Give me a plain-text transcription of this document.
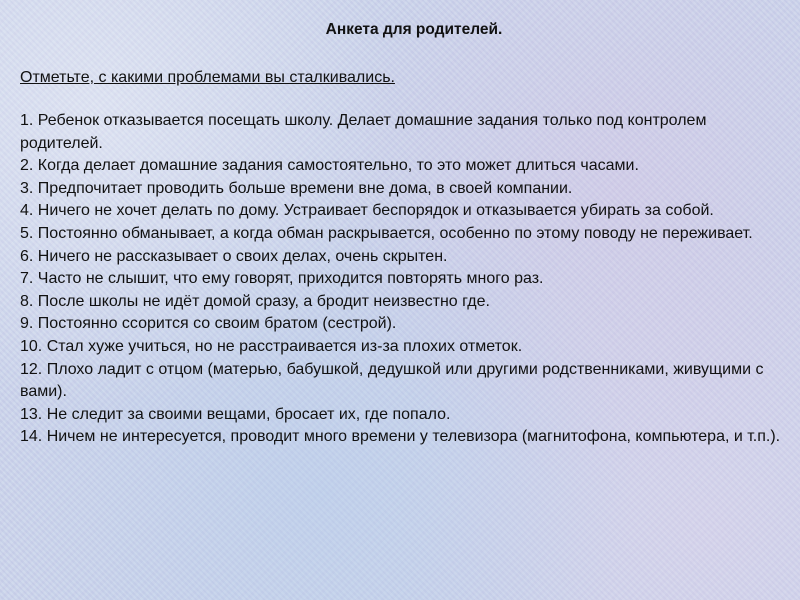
Анкета для родителей.
Отметьте, с какими проблемами вы сталкивались.
1. Ребенок отказывается посещать школу. Делает домашние задания только под контролем родителей.
2. Когда делает домашние задания самостоятельно, то это может длиться часами.
3. Предпочитает проводить больше времени вне дома, в своей компании.
4. Ничего не хочет делать по дому. Устраивает беспорядок и отказывается убирать за собой.
5. Постоянно обманывает, а когда обман раскрывается, особенно по этому поводу не переживает.
6. Ничего не рассказывает о своих делах, очень скрытен.
7. Часто не слышит, что ему говорят, приходится повторять много раз.
8. После школы не идёт домой сразу, а бродит неизвестно где.
9. Постоянно ссорится со своим братом (сестрой).
10. Стал хуже учиться, но не расстраивается из-за плохих отметок.
12. Плохо ладит с отцом (матерью, бабушкой, дедушкой или другими родственниками, живущими с вами).
13. Не следит за своими вещами, бросает их, где попало.
14. Ничем не интересуется, проводит много времени у телевизора (магнитофона, компьютера, и т.п.).
